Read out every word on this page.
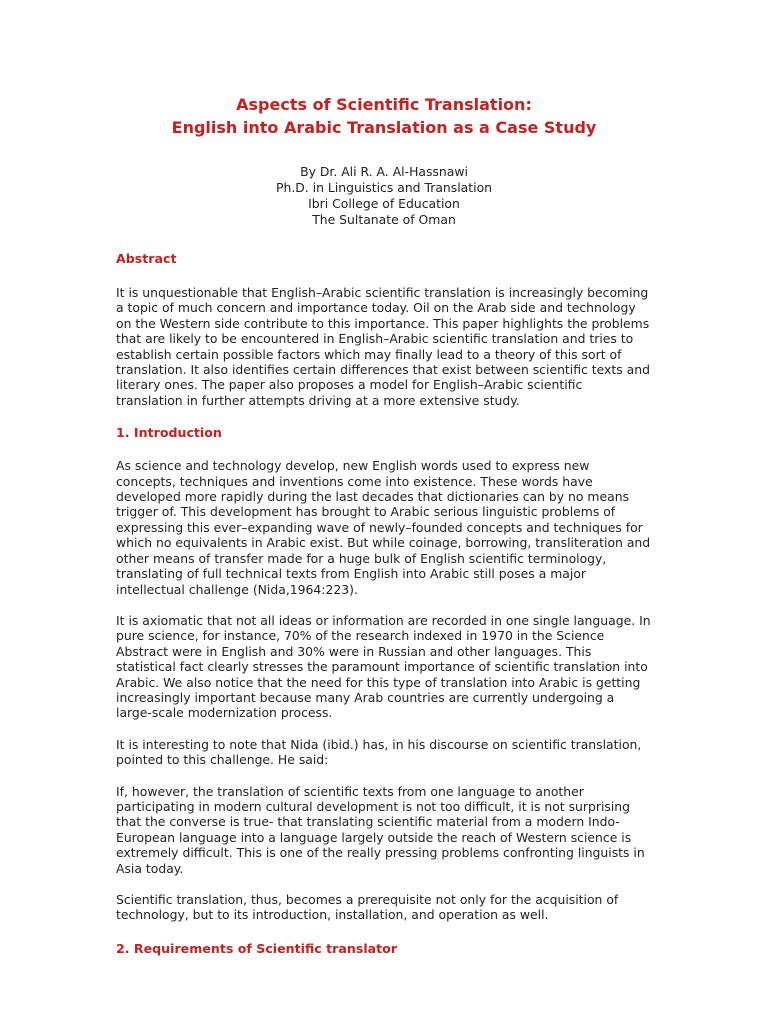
Aspects of Scientific Translation:
English into Arabic Translation as a Case Study
By Dr. Ali R. A. Al-Hassnawi
Ph.D. in Linguistics and Translation
Ibri College of Education
The Sultanate of Oman
Abstract

It is unquestionable that English–Arabic scientific translation is increasingly becoming a topic of much concern and importance today. Oil on the Arab side and technology on the Western side contribute to this importance. This paper highlights the problems that are likely to be encountered in English–Arabic scientific translation and tries to establish certain possible factors which may finally lead to a theory of this sort of translation. It also identifies certain differences that exist between scientific texts and literary ones. The paper also proposes a model for English–Arabic scientific translation in further attempts driving at a more extensive study.

1. Introduction

As science and technology develop, new English words used to express new concepts, techniques and inventions come into existence. These words have developed more rapidly during the last decades that dictionaries can by no means trigger of. This development has brought to Arabic serious linguistic problems of expressing this ever–expanding wave of newly–founded concepts and techniques for which no equivalents in Arabic exist. But while coinage, borrowing, transliteration and other means of transfer made for a huge bulk of English scientific terminology, translating of full technical texts from English into Arabic still poses a major intellectual challenge (Nida,1964:223).

It is axiomatic that not all ideas or information are recorded in one single language. In pure science, for instance, 70% of the research indexed in 1970 in the Science Abstract were in English and 30% were in Russian and other languages. This statistical fact clearly stresses the paramount importance of scientific translation into Arabic. We also notice that the need for this type of translation into Arabic is getting increasingly important because many Arab countries are currently undergoing a large-scale modernization process.

It is interesting to note that Nida (ibid.) has, in his discourse on scientific translation, pointed to this challenge. He said:

If, however, the translation of scientific texts from one language to another participating in modern cultural development is not too difficult, it is not surprising that the converse is true- that translating scientific material from a modern Indo-European language into a language largely outside the reach of Western science is extremely difficult. This is one of the really pressing problems confronting linguists in Asia today.

Scientific translation, thus, becomes a prerequisite not only for the acquisition of technology, but to its introduction, installation, and operation as well.

2. Requirements of Scientific translator
